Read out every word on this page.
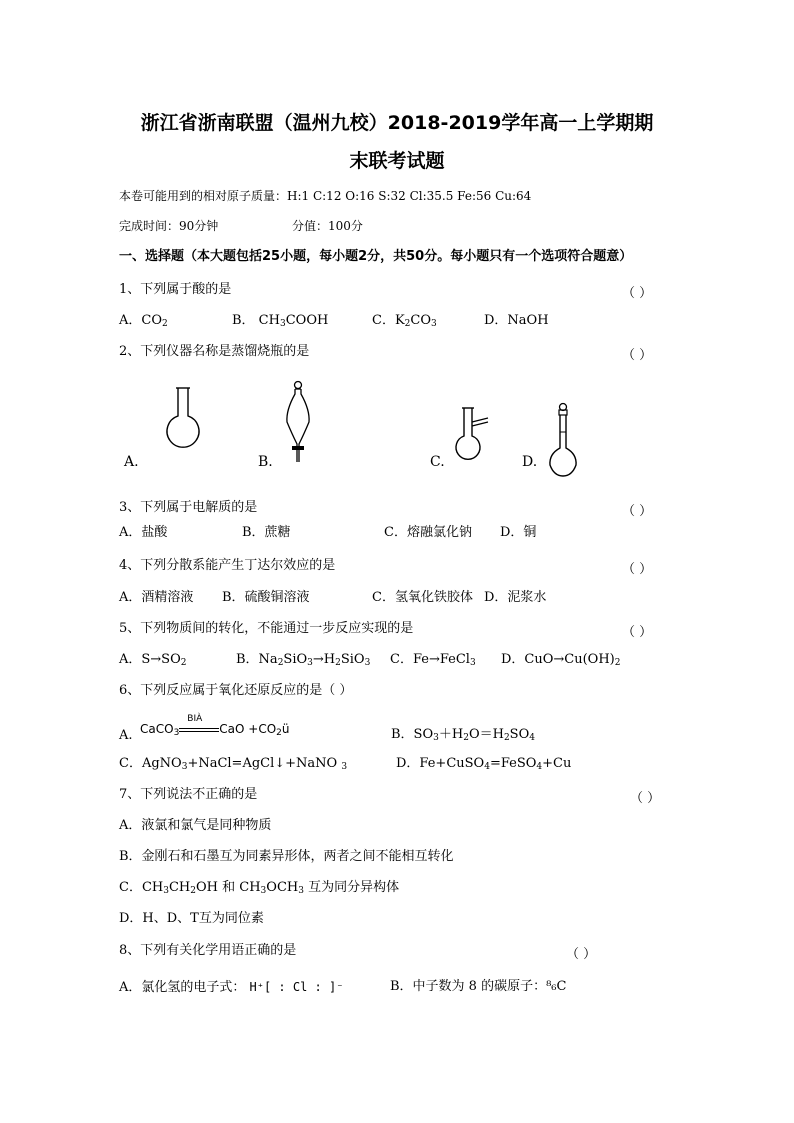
浙江省浙南联盟（温州九校）2018-2019学年高一上学期期
末联考试题
本卷可能用到的相对原子质量：H:1 C:12 O:16 S:32 Cl:35.5 Fe:56 Cu:64
完成时间：90分钟	分值：100分
一、选择题（本大题包括25小题，每小题2分，共50分。每小题只有一个选项符合题意）
1、下列属于酸的是	（ ）
A．$CO_2$	B． $CH_3COOH$	C．$K_2CO_3$	D．NaOH
2、下列仪器名称是蒸馏烧瓶的是	（ ）
A.	B.	C.	D.
3、下列属于电解质的是	（ ）
A．盐酸	B．蔗糖	C．熔融氯化钠 D．铜
4、下列分散系能产生丁达尔效应的是	（ ）
A．酒精溶液 B．硫酸铜溶液	C．氢氧化铁胶体 D．泥浆水
5、下列物质间的转化，不能通过一步反应实现的是	（ ）
A．$S\to SO_2$	B．$Na_2SiO_3\to H_2SiO_3$ C．Fe→FeCl$_3$ D．$CuO\to Cu(OH)_2$
6、下列反应属于氧化还原反应的是（ ）
A. CaCO$_3$
BIÀ
CaO $+CO_2ü$	B．$SO_3+H_2O=H_2SO_4$
C．AgNO$_3$+NaCl=AgCl↓+NaNO $_3$	D．Fe+CuSO$_4$=FeSO$_4$+Cu
7、下列说法不正确的是	（ ）
A．液氯和氯气是同种物质
B．金刚石和石墨互为同素异形体，两者之间不能相互转化
C．$CH_3CH_2OH$ 和 $CH_3OCH_3$ 互为同分异构体
D．H、D、T互为同位素
8、下列有关化学用语正确的是	（ ）
A．氯化氢的电子式： H⁺[ : Cl : ]⁻	B．中子数为 8 的碳原子：⁸₆C
